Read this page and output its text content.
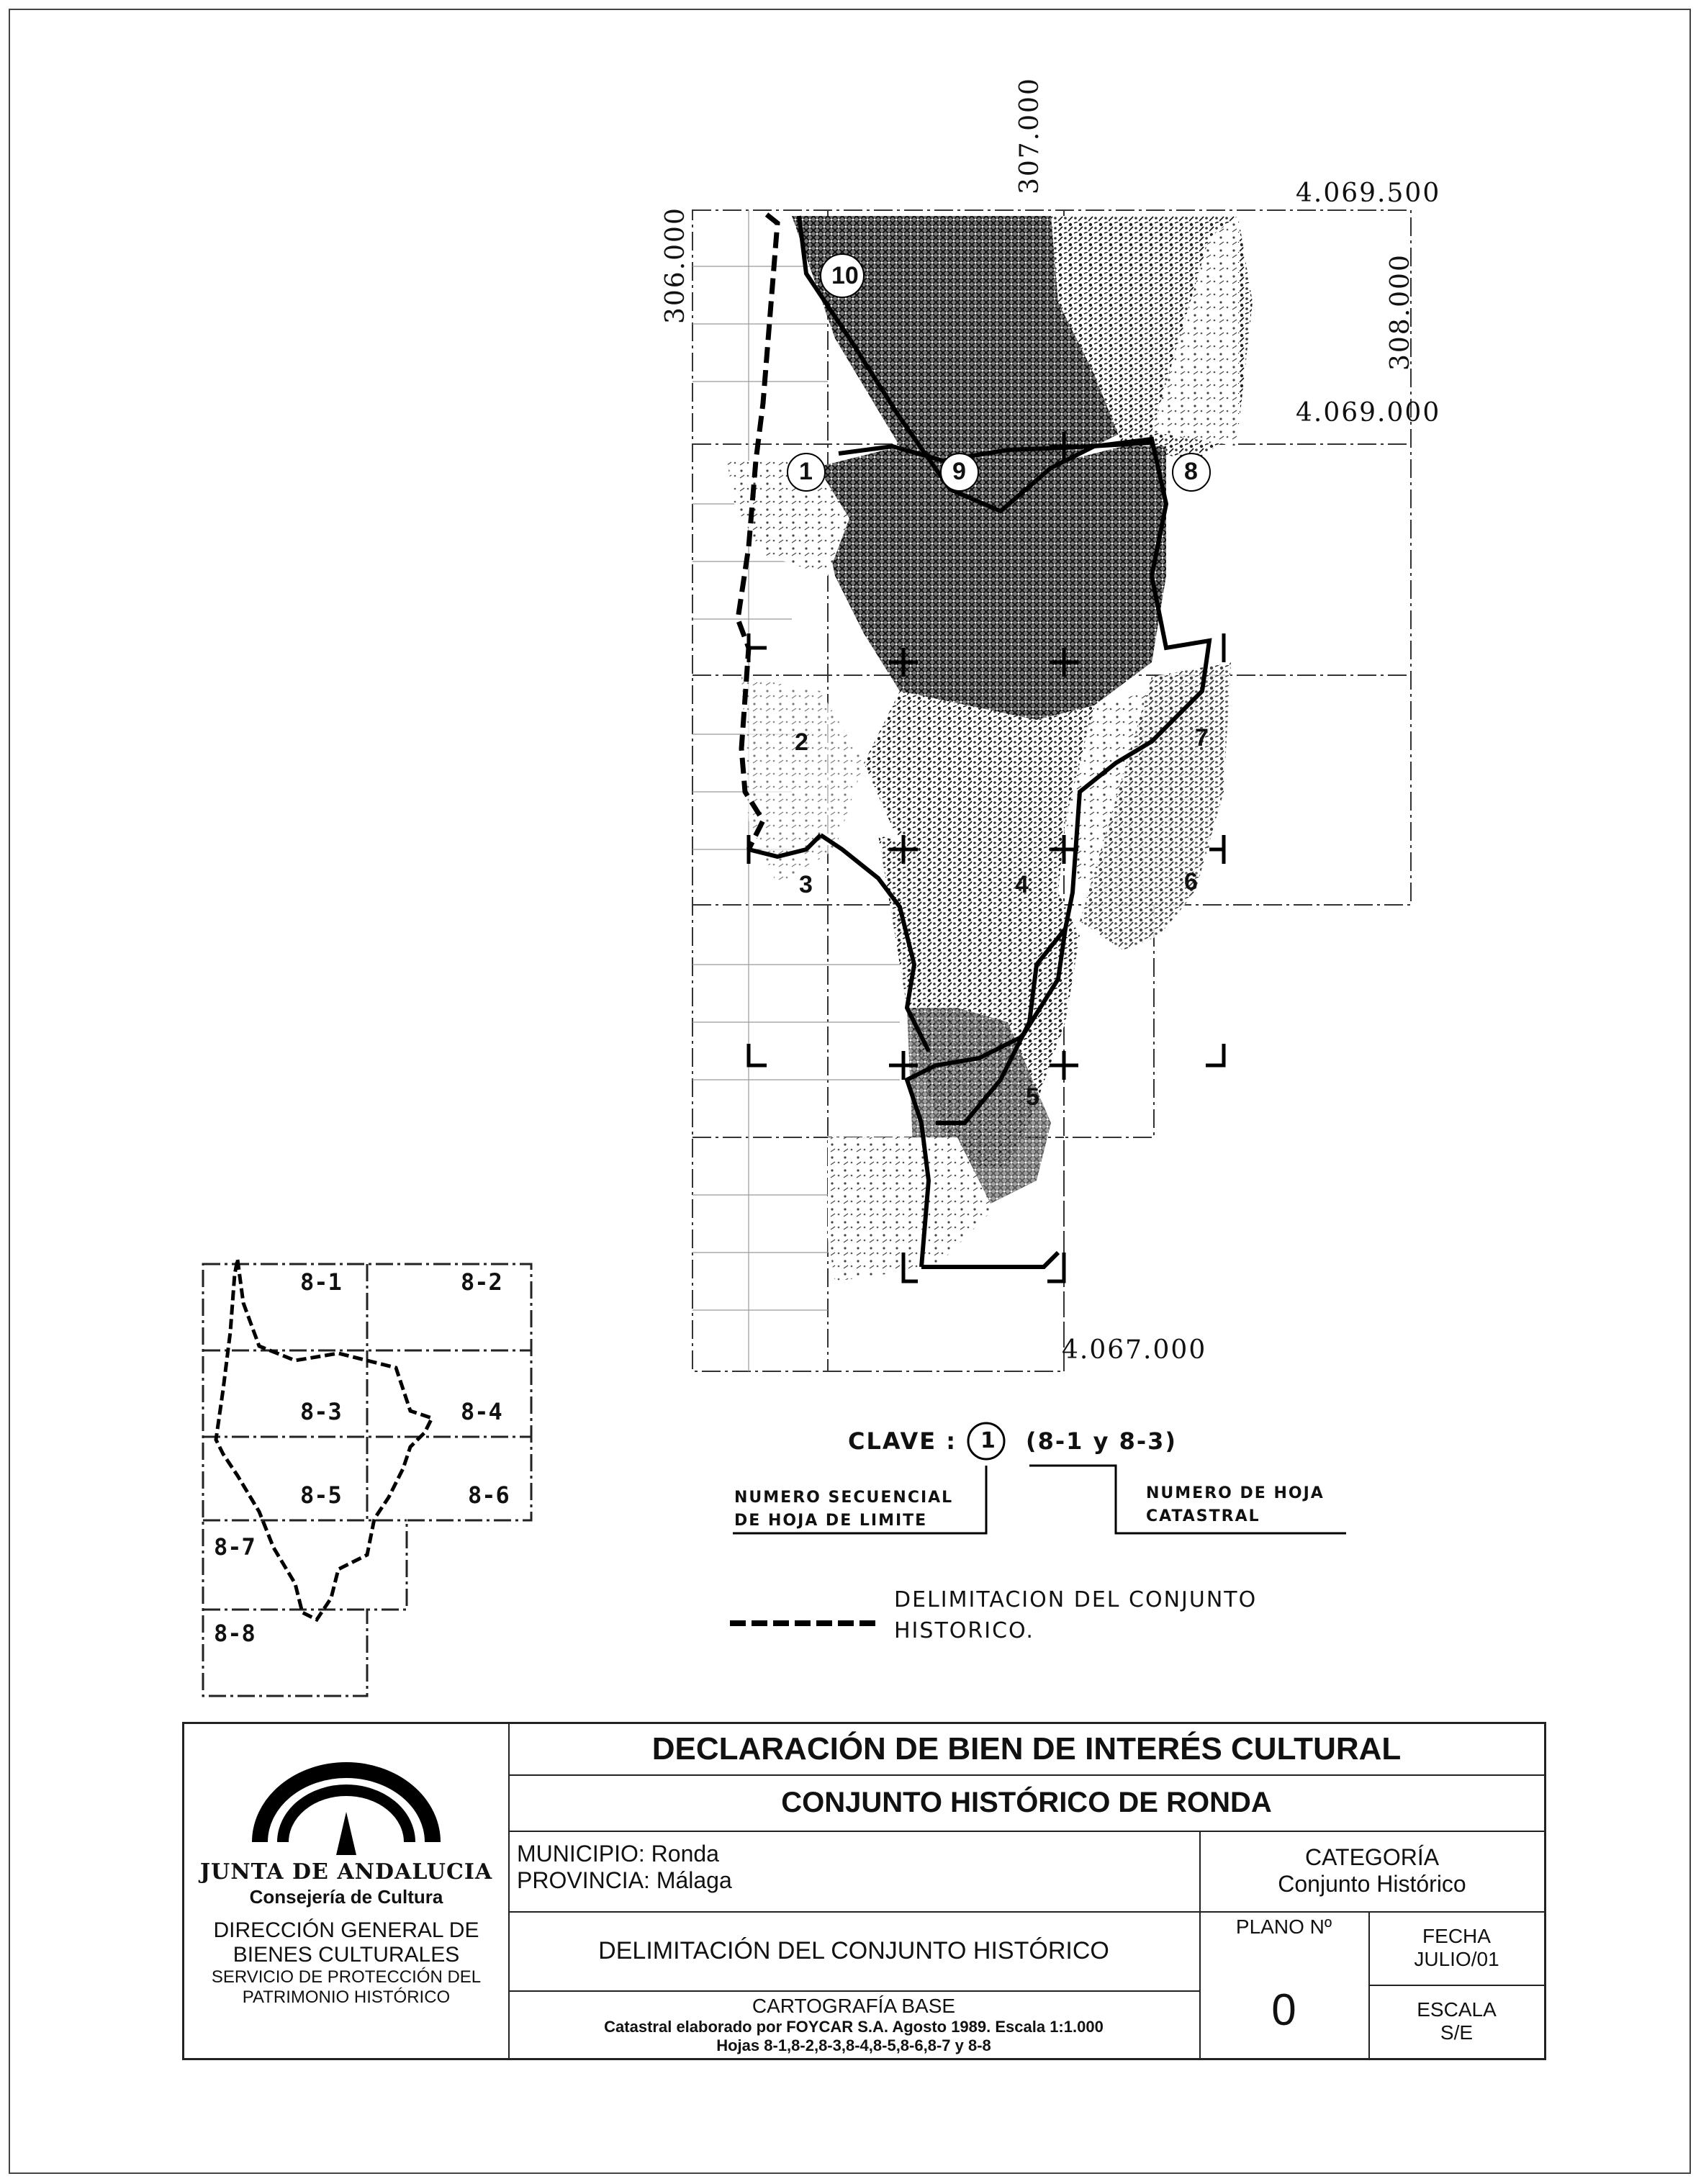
307.000
306.000	308.000
4.069.500
4.069.000
4.067.000
10
1	9	8
2	7
3	4	6
5
8-1	8-2
8-3	8-4
8-5	8-6
8-7
8-8
CLAVE : 1 (8-1 y 8-3)
NUMERO SECUENCIAL
DE HOJA DE LIMITE
NUMERO DE HOJA
CATASTRAL
DELIMITACION DEL CONJUNTO
HISTORICO.
JUNTA DE ANDALUCIA
Consejería de Cultura
DIRECCIÓN GENERAL DE
BIENES CULTURALES
SERVICIO DE PROTECCIÓN DEL
PATRIMONIO HISTÓRICO
DECLARACIÓN DE BIEN DE INTERÉS CULTURAL
CONJUNTO HISTÓRICO DE RONDA
MUNICIPIO: Ronda
PROVINCIA: Málaga
CATEGORÍA
Conjunto Histórico
DELIMITACIÓN DEL CONJUNTO HISTÓRICO
PLANO Nº
0
FECHA
JULIO/01
ESCALA
S/E
CARTOGRAFÍA BASE
Catastral elaborado por FOYCAR S.A. Agosto 1989. Escala 1:1.000
Hojas 8-1,8-2,8-3,8-4,8-5,8-6,8-7 y 8-8
